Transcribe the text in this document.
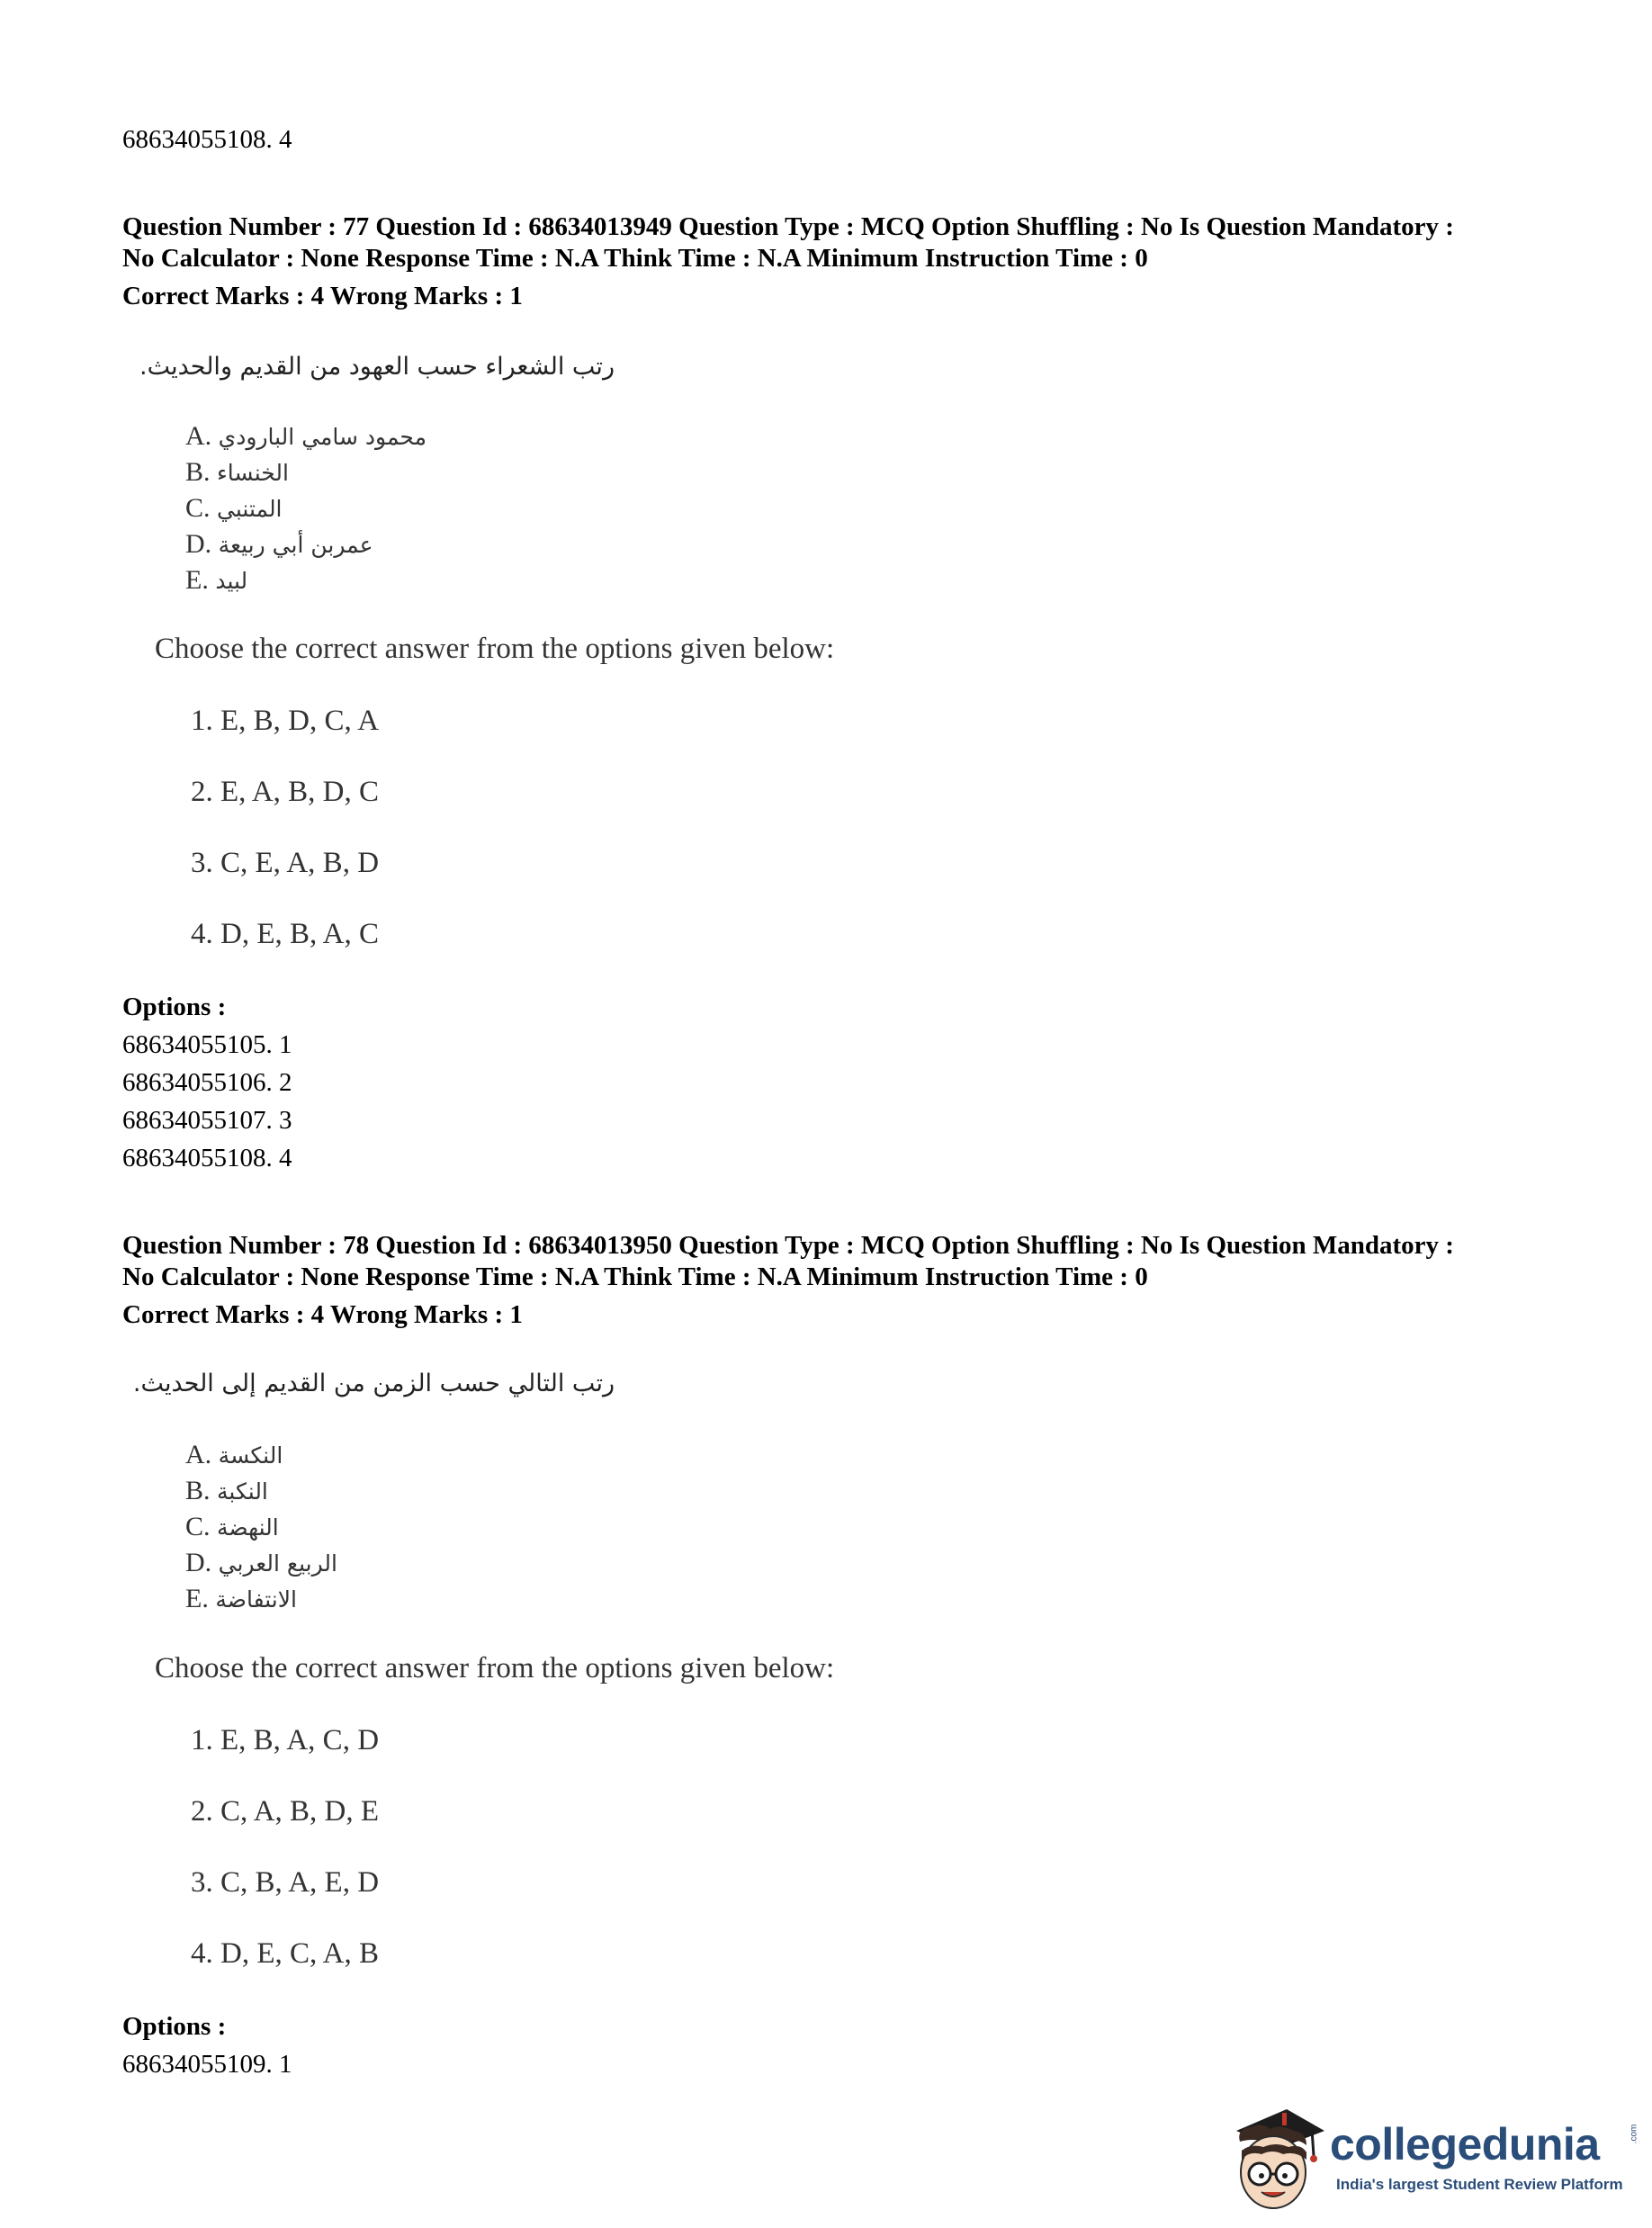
68634055108. 4
Question Number : 77 Question Id : 68634013949 Question Type : MCQ Option Shuffling : No Is Question Mandatory :
No Calculator : None Response Time : N.A Think Time : N.A Minimum Instruction Time : 0
Correct Marks : 4 Wrong Marks : 1
رتب الشعراء حسب العهود من القديم والحديث.
A. محمود سامي البارودي
B. الخنساء
C. المتنبي
D. عمربن أبي ربيعة
E. لبيد
Choose the correct answer from the options given below:
1. E, B, D, C, A
2. E, A, B, D, C
3. C, E, A, B, D
4. D, E, B, A, C
Options :
68634055105. 1
68634055106. 2
68634055107. 3
68634055108. 4
Question Number : 78 Question Id : 68634013950 Question Type : MCQ Option Shuffling : No Is Question Mandatory :
No Calculator : None Response Time : N.A Think Time : N.A Minimum Instruction Time : 0
Correct Marks : 4 Wrong Marks : 1
رتب التالي حسب الزمن من القديم إلى الحديث.
A. النكسة
B. النكبة
C. النهضة
D. الربيع العربي
E. الانتفاضة
Choose the correct answer from the options given below:
1. E, B, A, C, D
2. C, A, B, D, E
3. C, B, A, E, D
4. D, E, C, A, B
Options :
68634055109. 1
collegedunia	.com
India's largest Student Review Platform
